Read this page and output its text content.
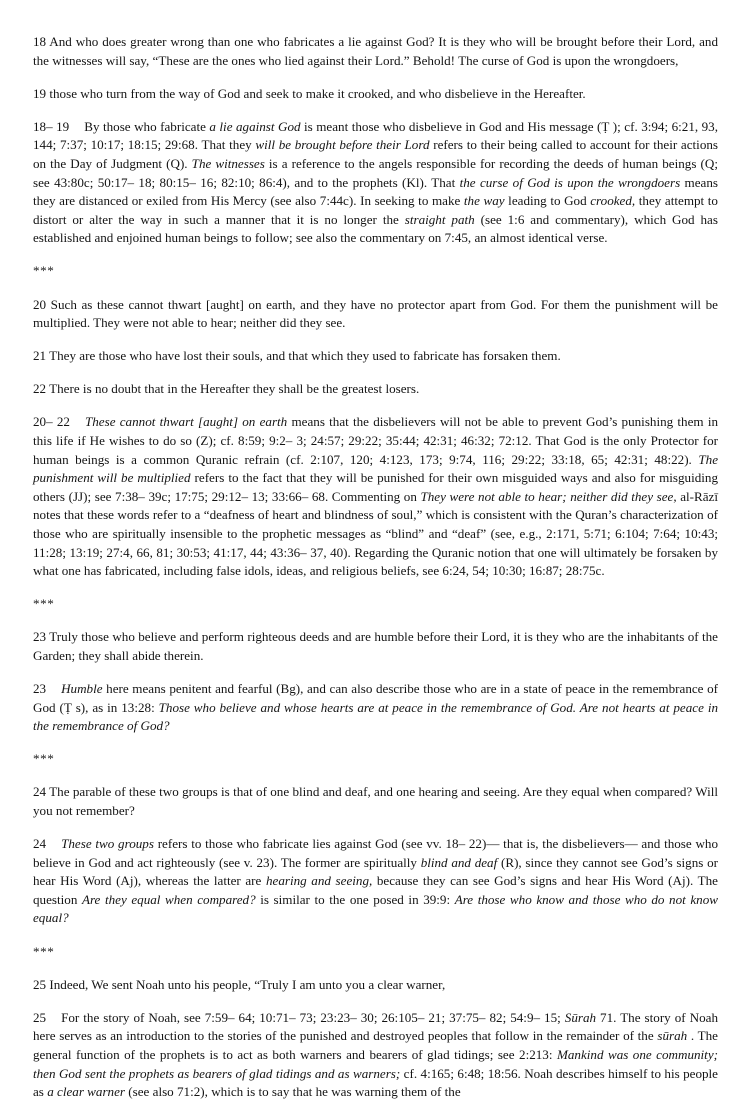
18 And who does greater wrong than one who fabricates a lie against God? It is they who will be brought before their Lord, and the witnesses will say, “These are the ones who lied against their Lord.” Behold! The curse of God is upon the wrongdoers,

19 those who turn from the way of God and seek to make it crooked, and who disbelieve in the Hereafter.

18– 19 By those who fabricate a lie against God is meant those who disbelieve in God and His message (Ṭ ); cf. 3:94; 6:21, 93, 144; 7:37; 10:17; 18:15; 29:68. That they will be brought before their Lord refers to their being called to account for their actions on the Day of Judgment (Q). The witnesses is a reference to the angels responsible for recording the deeds of human beings (Q; see 43:80c; 50:17– 18; 80:15– 16; 82:10; 86:4), and to the prophets (Kl). That the curse of God is upon the wrongdoers means they are distanced or exiled from His Mercy (see also 7:44c). In seeking to make the way leading to God crooked, they attempt to distort or alter the way in such a manner that it is no longer the straight path (see 1:6 and commentary), which God has established and enjoined human beings to follow; see also the commentary on 7:45, an almost identical verse.

***

20 Such as these cannot thwart [aught] on earth, and they have no protector apart from God. For them the punishment will be multiplied. They were not able to hear; neither did they see.

21 They are those who have lost their souls, and that which they used to fabricate has forsaken them.

22 There is no doubt that in the Hereafter they shall be the greatest losers.

20– 22 These cannot thwart [aught] on earth means that the disbelievers will not be able to prevent God’s punishing them in this life if He wishes to do so (Z); cf. 8:59; 9:2– 3; 24:57; 29:22; 35:44; 42:31; 46:32; 72:12. That God is the only Protector for human beings is a common Quranic refrain (cf. 2:107, 120; 4:123, 173; 9:74, 116; 29:22; 33:18, 65; 42:31; 48:22). The punishment will be multiplied refers to the fact that they will be punished for their own misguided ways and also for misguiding others (JJ); see 7:38– 39c; 17:75; 29:12– 13; 33:66– 68. Commenting on They were not able to hear; neither did they see, al-Rāzī notes that these words refer to a “deafness of heart and blindness of soul,” which is consistent with the Quran’s characterization of those who are spiritually insensible to the prophetic messages as “blind” and “deaf” (see, e.g., 2:171, 5:71; 6:104; 7:64; 10:43; 11:28; 13:19; 27:4, 66, 81; 30:53; 41:17, 44; 43:36– 37, 40). Regarding the Quranic notion that one will ultimately be forsaken by what one has fabricated, including false idols, ideas, and religious beliefs, see 6:24, 54; 10:30; 16:87; 28:75c.

***

23 Truly those who believe and perform righteous deeds and are humble before their Lord, it is they who are the inhabitants of the Garden; they shall abide therein.

23 Humble here means penitent and fearful (Bg), and can also describe those who are in a state of peace in the remembrance of God (Ṭ s), as in 13:28: Those who believe and whose hearts are at peace in the remembrance of God. Are not hearts at peace in the remembrance of God?

***

24 The parable of these two groups is that of one blind and deaf, and one hearing and seeing. Are they equal when compared? Will you not remember?

24 These two groups refers to those who fabricate lies against God (see vv. 18– 22)— that is, the disbelievers— and those who believe in God and act righteously (see v. 23). The former are spiritually blind and deaf (R), since they cannot see God’s signs or hear His Word (Aj), whereas the latter are hearing and seeing, because they can see God’s signs and hear His Word (Aj). The question Are they equal when compared? is similar to the one posed in 39:9: Are those who know and those who do not know equal?

***

25 Indeed, We sent Noah unto his people, “Truly I am unto you a clear warner,

25 For the story of Noah, see 7:59– 64; 10:71– 73; 23:23– 30; 26:105– 21; 37:75– 82; 54:9– 15; Sūrah 71. The story of Noah here serves as an introduction to the stories of the punished and destroyed peoples that follow in the remainder of the sūrah . The general function of the prophets is to act as both warners and bearers of glad tidings; see 2:213: Mankind was one community; then God sent the prophets as bearers of glad tidings and as warners; cf. 4:165; 6:48; 18:56. Noah describes himself to his people as a clear warner (see also 71:2), which is to say that he was warning them of the
